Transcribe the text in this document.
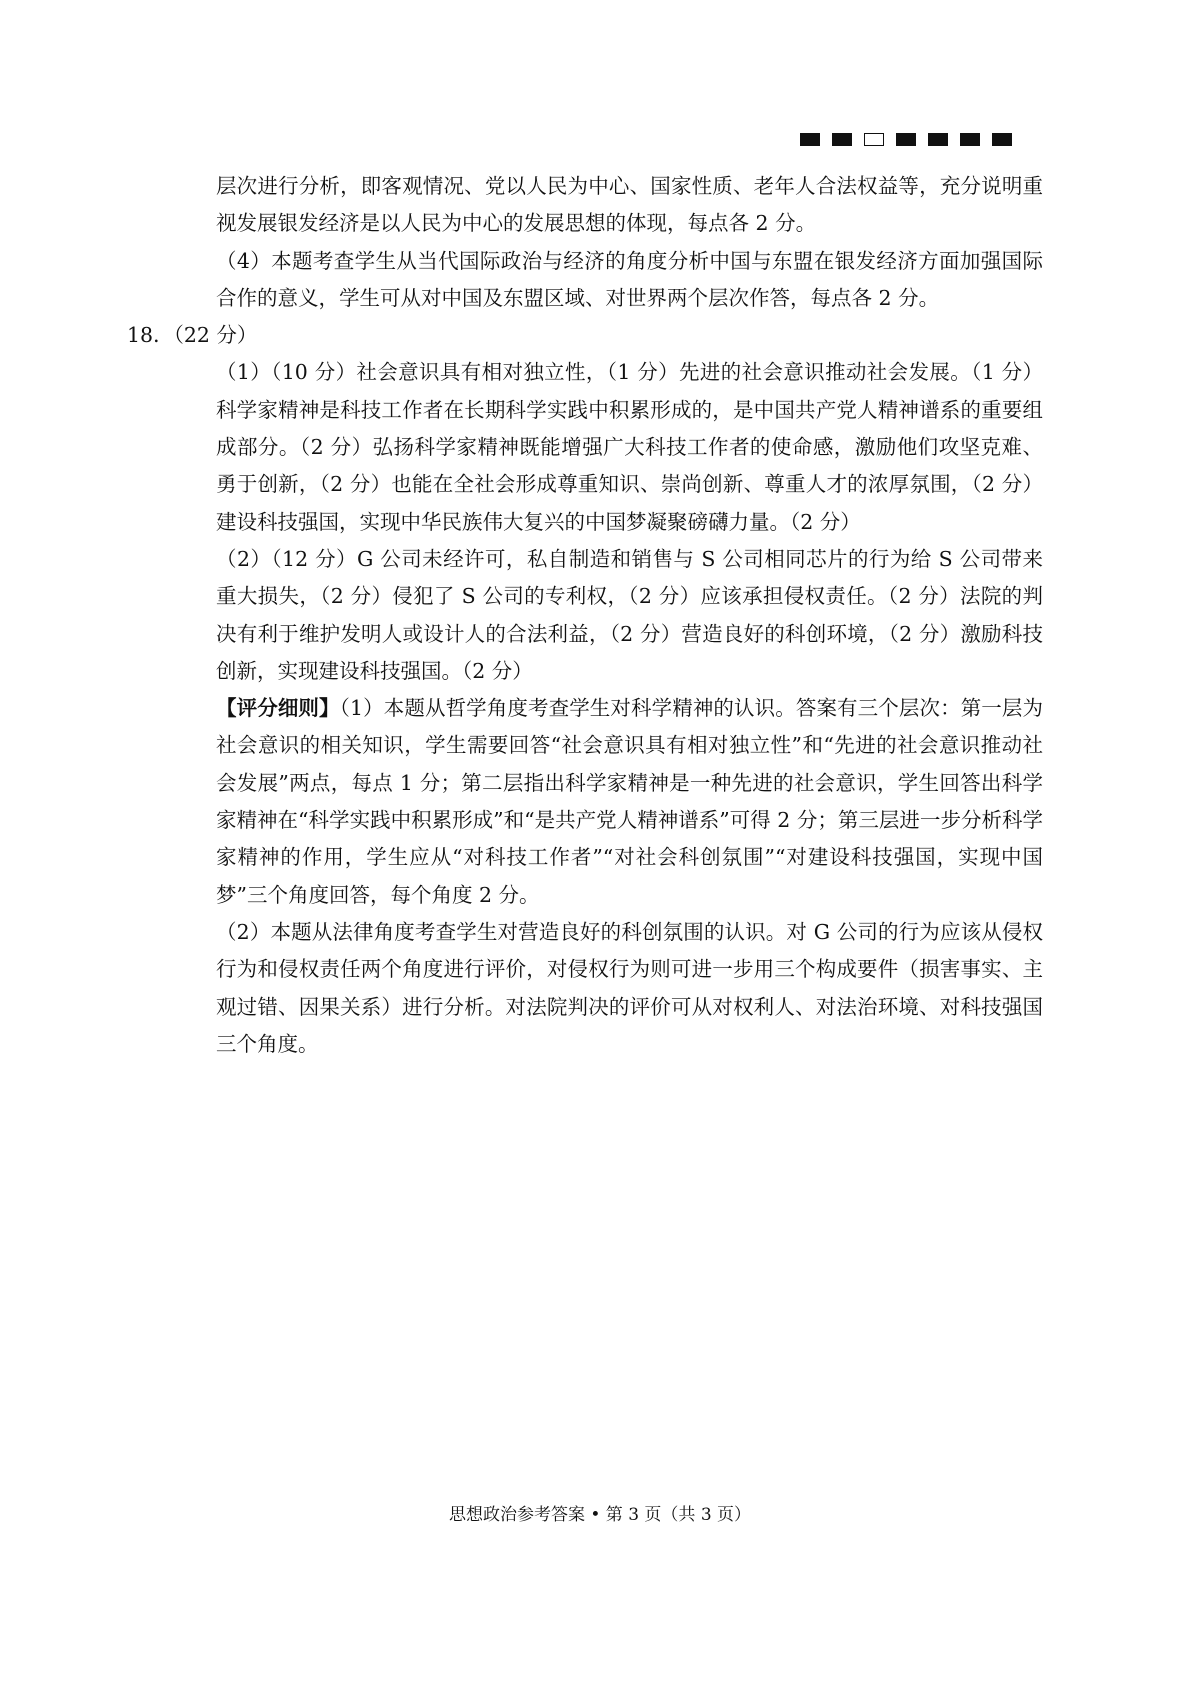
层次进行分析，即客观情况、党以人民为中心、国家性质、老年人合法权益等，充分说明重视发展银发经济是以人民为中心的发展思想的体现，每点各 2 分。

（4）本题考查学生从当代国际政治与经济的角度分析中国与东盟在银发经济方面加强国际合作的意义，学生可从对中国及东盟区域、对世界两个层次作答，每点各 2 分。

18．（22 分）

（1）（10 分）社会意识具有相对独立性，（1 分）先进的社会意识推动社会发展。（1 分）科学家精神是科技工作者在长期科学实践中积累形成的，是中国共产党人精神谱系的重要组成部分。（2 分）弘扬科学家精神既能增强广大科技工作者的使命感，激励他们攻坚克难、勇于创新，（2 分）也能在全社会形成尊重知识、崇尚创新、尊重人才的浓厚氛围，（2 分）建设科技强国，实现中华民族伟大复兴的中国梦凝聚磅礴力量。（2 分）

（2）（12 分）G 公司未经许可，私自制造和销售与 S 公司相同芯片的行为给 S 公司带来重大损失，（2 分）侵犯了 S 公司的专利权，（2 分）应该承担侵权责任。（2 分）法院的判决有利于维护发明人或设计人的合法利益，（2 分）营造良好的科创环境，（2 分）激励科技创新，实现建设科技强国。（2 分）

【评分细则】（1）本题从哲学角度考查学生对科学精神的认识。答案有三个层次：第一层为社会意识的相关知识，学生需要回答“社会意识具有相对独立性”和“先进的社会意识推动社会发展”两点，每点 1 分；第二层指出科学家精神是一种先进的社会意识，学生回答出科学家精神在“科学实践中积累形成”和“是共产党人精神谱系”可得 2 分；第三层进一步分析科学家精神的作用，学生应从“对科技工作者”“对社会科创氛围”“对建设科技强国，实现中国梦”三个角度回答，每个角度 2 分。

（2）本题从法律角度考查学生对营造良好的科创氛围的认识。对 G 公司的行为应该从侵权行为和侵权责任两个角度进行评价，对侵权行为则可进一步用三个构成要件（损害事实、主观过错、因果关系）进行分析。对法院判决的评价可从对权利人、对法治环境、对科技强国三个角度。

思想政治参考答案 • 第 3 页（共 3 页）
